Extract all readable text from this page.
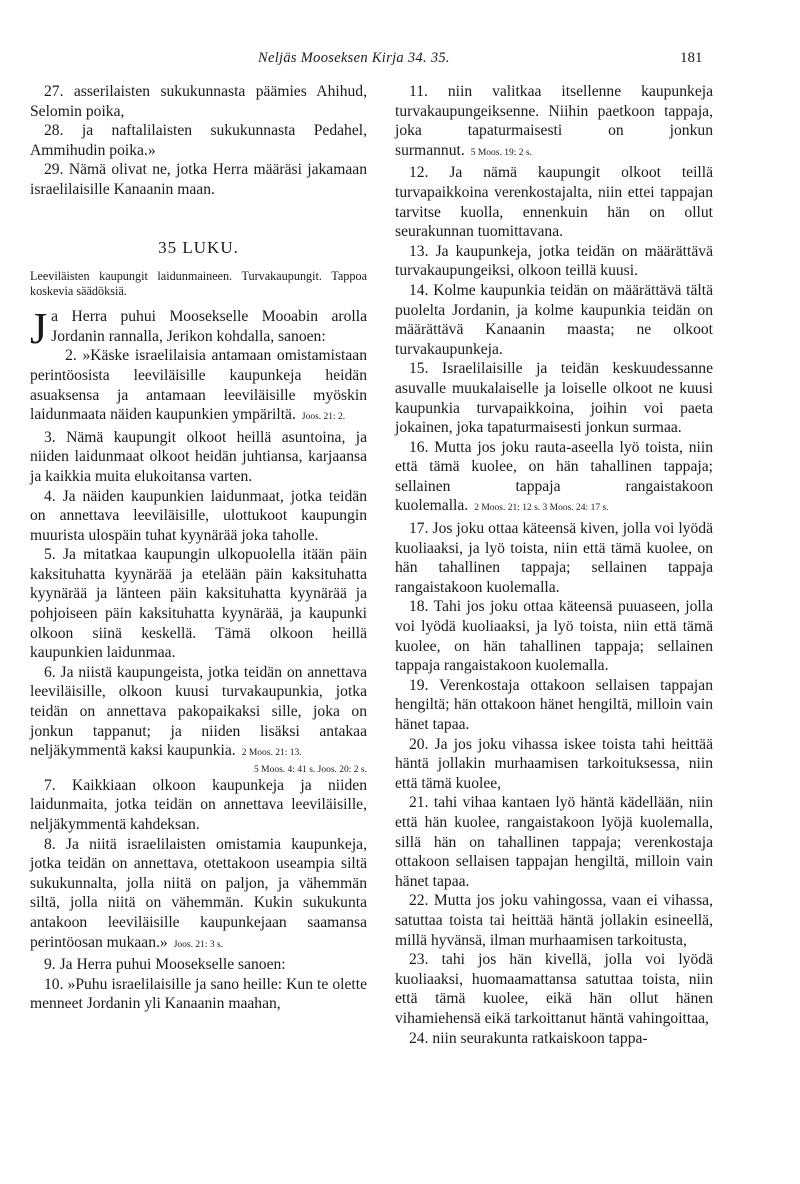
Neljäs Mooseksen Kirja 34. 35.	181

27. asserilaisten sukukunnasta päämies Ahihud, Selomin poika,

28. ja naftalilaisten sukukunnasta Pedahel, Ammihudin poika.»

29. Nämä olivat ne, jotka Herra määräsi jakamaan israelilaisille Kanaanin maan.

35 LUKU.

Leeviläisten kaupungit laidunmaineen. Turvakaupungit. Tappoa koskevia säädöksiä.

Ja Herra puhui Moosekselle Mooabin arolla Jordanin rannalla, Jerikon kohdalla, sanoen:

2. »Käske israelilaisia antamaan omistamistaan perintöosista leeviläisille kaupunkeja heidän asuaksensa ja antamaan leeviläisille myöskin laidunmaata näiden kaupunkien ympäriltä. Joos. 21: 2.

3. Nämä kaupungit olkoot heillä asuntoina, ja niiden laidunmaat olkoot heidän juhtiansa, karjaansa ja kaikkia muita elukoitansa varten.

4. Ja näiden kaupunkien laidunmaat, jotka teidän on annettava leeviläisille, ulottukoot kaupungin muurista ulospäin tuhat kyynärää joka taholle.

5. Ja mitatkaa kaupungin ulkopuolella itään päin kaksituhatta kyynärää ja etelään päin kaksituhatta kyynärää ja länteen päin kaksituhatta kyynärää ja pohjoiseen päin kaksituhatta kyynärää, ja kaupunki olkoon siinä keskellä. Tämä olkoon heillä kaupunkien laidunmaa.

6. Ja niistä kaupungeista, jotka teidän on annettava leeviläisille, olkoon kuusi turvakaupunkia, jotka teidän on annettava pakopaikaksi sille, joka on jonkun tappanut; ja niiden lisäksi antakaa neljäkymmentä kaksi kaupunkia. 2 Moos. 21: 13.

5 Moos. 4: 41 s. Joos. 20: 2 s.

7. Kaikkiaan olkoon kaupunkeja ja niiden laidunmaita, jotka teidän on annettava leeviläisille, neljäkymmentä kahdeksan.

8. Ja niitä israelilaisten omistamia kaupunkeja, jotka teidän on annettava, otettakoon useampia siltä sukukunnalta, jolla niitä on paljon, ja vähemmän siltä, jolla niitä on vähemmän. Kukin sukukunta antakoon leeviläisille kaupunkejaan saamansa perintöosan mukaan.» Joos. 21: 3 s.

9. Ja Herra puhui Moosekselle sanoen:

10. »Puhu israelilaisille ja sano heille: Kun te olette menneet Jordanin yli Kanaanin maahan,

11. niin valitkaa itsellenne kaupunkeja turvakaupungeiksenne. Niihin paetkoon tappaja, joka tapaturmaisesti on jonkun surmannut. 5 Moos. 19: 2 s.

12. Ja nämä kaupungit olkoot teillä turvapaikkoina verenkostajalta, niin ettei tappajan tarvitse kuolla, ennenkuin hän on ollut seurakunnan tuomittavana.

13. Ja kaupunkeja, jotka teidän on määrättävä turvakaupungeiksi, olkoon teillä kuusi.

14. Kolme kaupunkia teidän on määrättävä tältä puolelta Jordanin, ja kolme kaupunkia teidän on määrättävä Kanaanin maasta; ne olkoot turvakaupunkeja.

15. Israelilaisille ja teidän keskuudessanne asuvalle muukalaiselle ja loiselle olkoot ne kuusi kaupunkia turvapaikkoina, joihin voi paeta jokainen, joka tapaturmaisesti jonkun surmaa.

16. Mutta jos joku rauta-aseella lyö toista, niin että tämä kuolee, on hän tahallinen tappaja; sellainen tappaja rangaistakoon kuolemalla. 2 Moos. 21: 12 s. 3 Moos. 24: 17 s.

17. Jos joku ottaa käteensä kiven, jolla voi lyödä kuoliaaksi, ja lyö toista, niin että tämä kuolee, on hän tahallinen tappaja; sellainen tappaja rangaistakoon kuolemalla.

18. Tahi jos joku ottaa käteensä puuaseen, jolla voi lyödä kuoliaaksi, ja lyö toista, niin että tämä kuolee, on hän tahallinen tappaja; sellainen tappaja rangaistakoon kuolemalla.

19. Verenkostaja ottakoon sellaisen tappajan hengiltä; hän ottakoon hänet hengiltä, milloin vain hänet tapaa.

20. Ja jos joku vihassa iskee toista tahi heittää häntä jollakin murhaamisen tarkoituksessa, niin että tämä kuolee,

21. tahi vihaa kantaen lyö häntä kädellään, niin että hän kuolee, rangaistakoon lyöjä kuolemalla, sillä hän on tahallinen tappaja; verenkostaja ottakoon sellaisen tappajan hengiltä, milloin vain hänet tapaa.

22. Mutta jos joku vahingossa, vaan ei vihassa, satuttaa toista tai heittää häntä jollakin esineellä, millä hyvänsä, ilman murhaamisen tarkoitusta,

23. tahi jos hän kivellä, jolla voi lyödä kuoliaaksi, huomaamattansa satuttaa toista, niin että tämä kuolee, eikä hän ollut hänen vihamiehensä eikä tarkoittanut häntä vahingoittaa,

24. niin seurakunta ratkaiskoon tappa-
